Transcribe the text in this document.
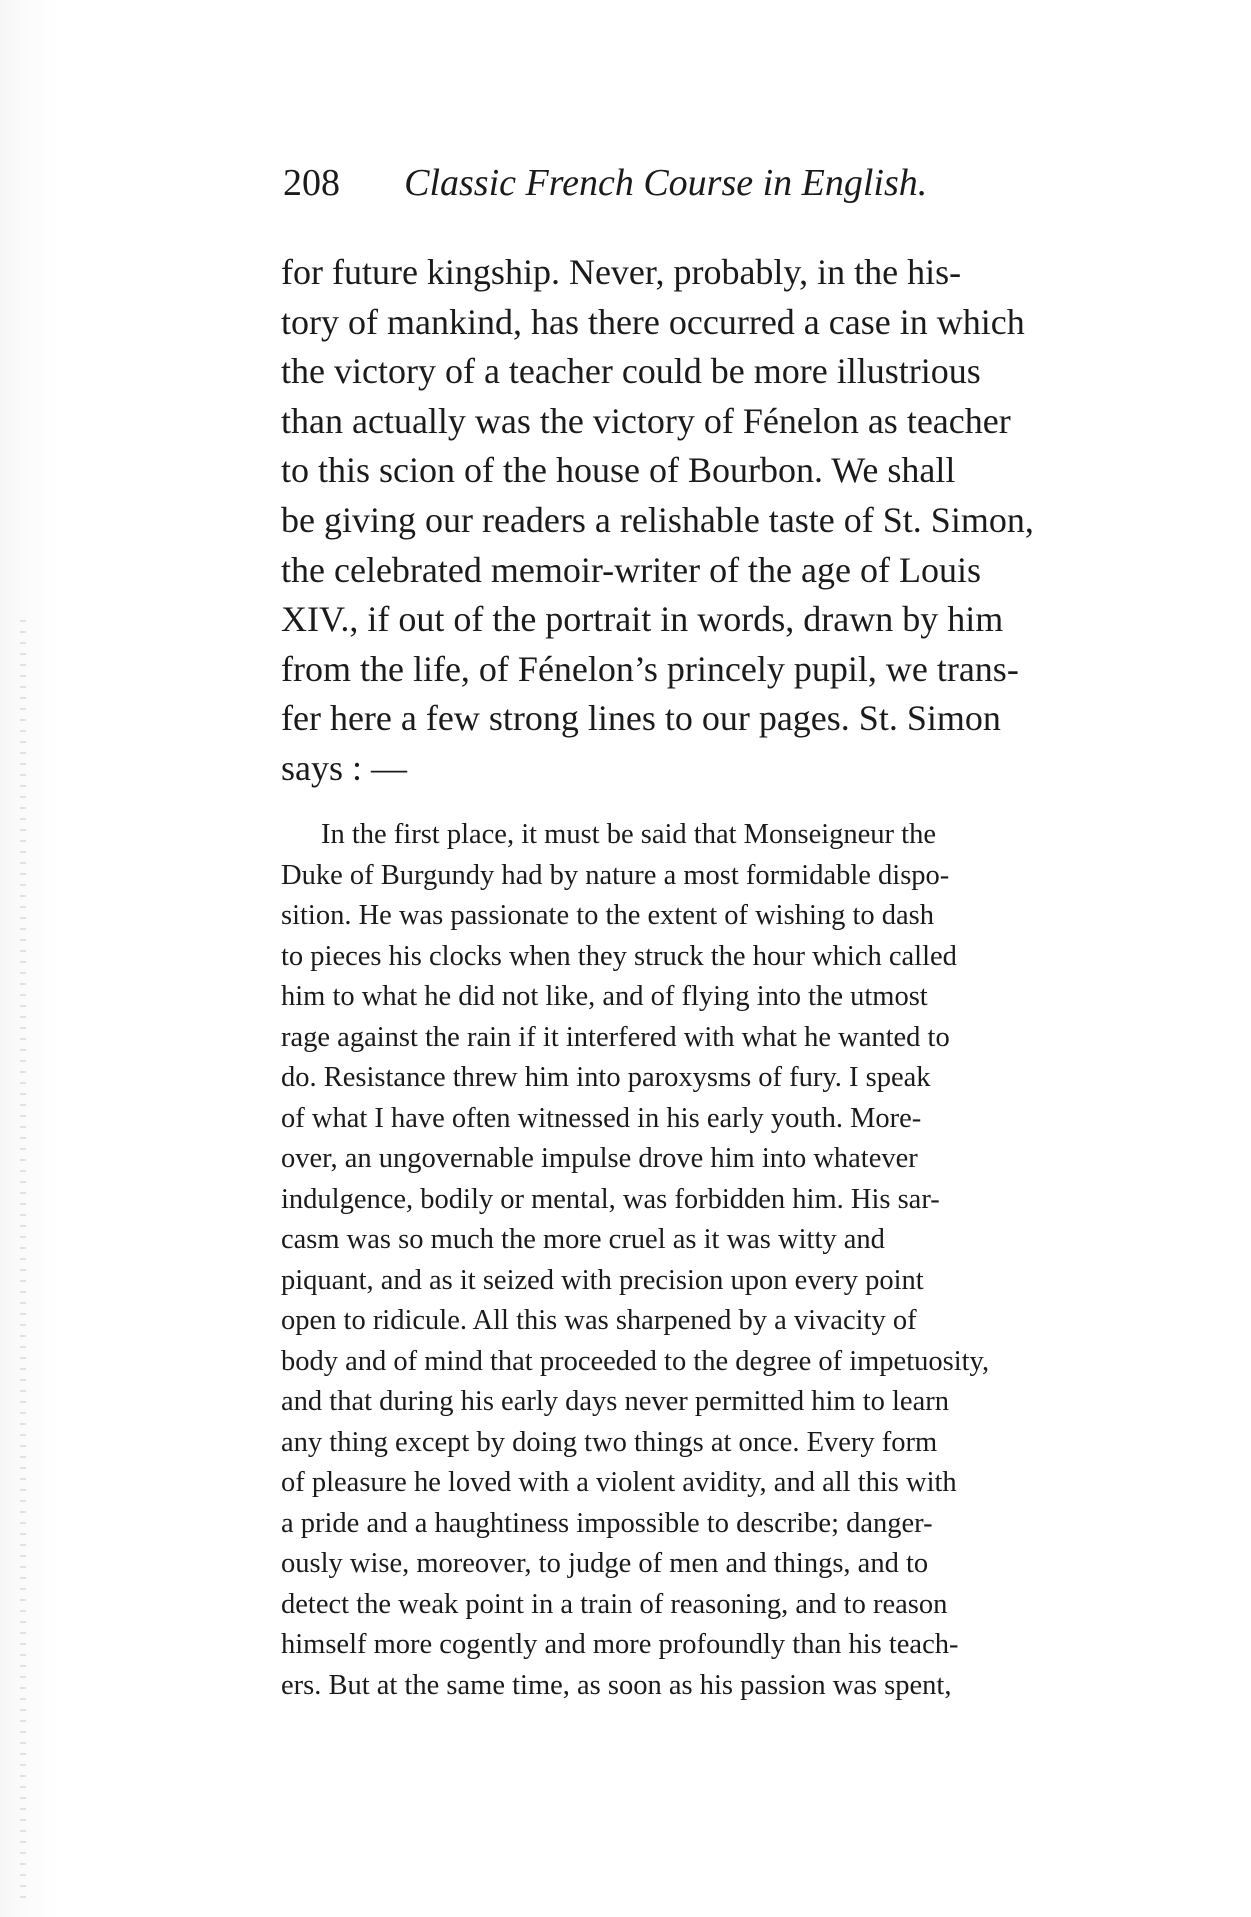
208 Classic French Course in English.
for future kingship. Never, probably, in the his-
tory of mankind, has there occurred a case in which
the victory of a teacher could be more illustrious
than actually was the victory of Fénelon as teacher
to this scion of the house of Bourbon. We shall
be giving our readers a relishable taste of St. Simon,
the celebrated memoir-writer of the age of Louis
XIV., if out of the portrait in words, drawn by him
from the life, of Fénelon’s princely pupil, we trans-
fer here a few strong lines to our pages. St. Simon
says : —
In the first place, it must be said that Monseigneur the
Duke of Burgundy had by nature a most formidable dispo-
sition. He was passionate to the extent of wishing to dash
to pieces his clocks when they struck the hour which called
him to what he did not like, and of flying into the utmost
rage against the rain if it interfered with what he wanted to
do. Resistance threw him into paroxysms of fury. I speak
of what I have often witnessed in his early youth. More-
over, an ungovernable impulse drove him into whatever
indulgence, bodily or mental, was forbidden him. His sar-
casm was so much the more cruel as it was witty and
piquant, and as it seized with precision upon every point
open to ridicule. All this was sharpened by a vivacity of
body and of mind that proceeded to the degree of impetuosity,
and that during his early days never permitted him to learn
any thing except by doing two things at once. Every form
of pleasure he loved with a violent avidity, and all this with
a pride and a haughtiness impossible to describe; danger-
ously wise, moreover, to judge of men and things, and to
detect the weak point in a train of reasoning, and to reason
himself more cogently and more profoundly than his teach-
ers. But at the same time, as soon as his passion was spent,
